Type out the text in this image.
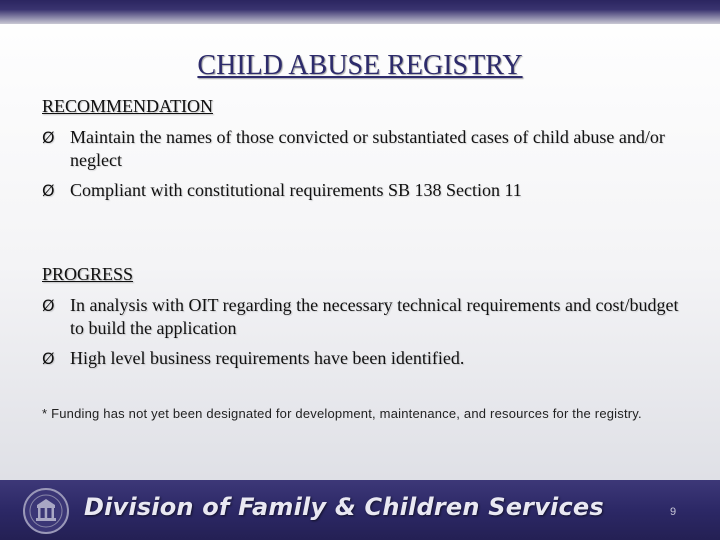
CHILD ABUSE REGISTRY
RECOMMENDATION
Ø Maintain the names of those convicted or substantiated cases of child abuse and/or neglect
Ø Compliant with constitutional requirements SB 138 Section 11
PROGRESS
Ø In analysis with OIT regarding the necessary technical requirements and cost/budget to build the application
Ø High level business requirements have been identified.
* Funding has not yet been designated for development, maintenance, and resources for the registry.
Division of Family & Children Services	9
